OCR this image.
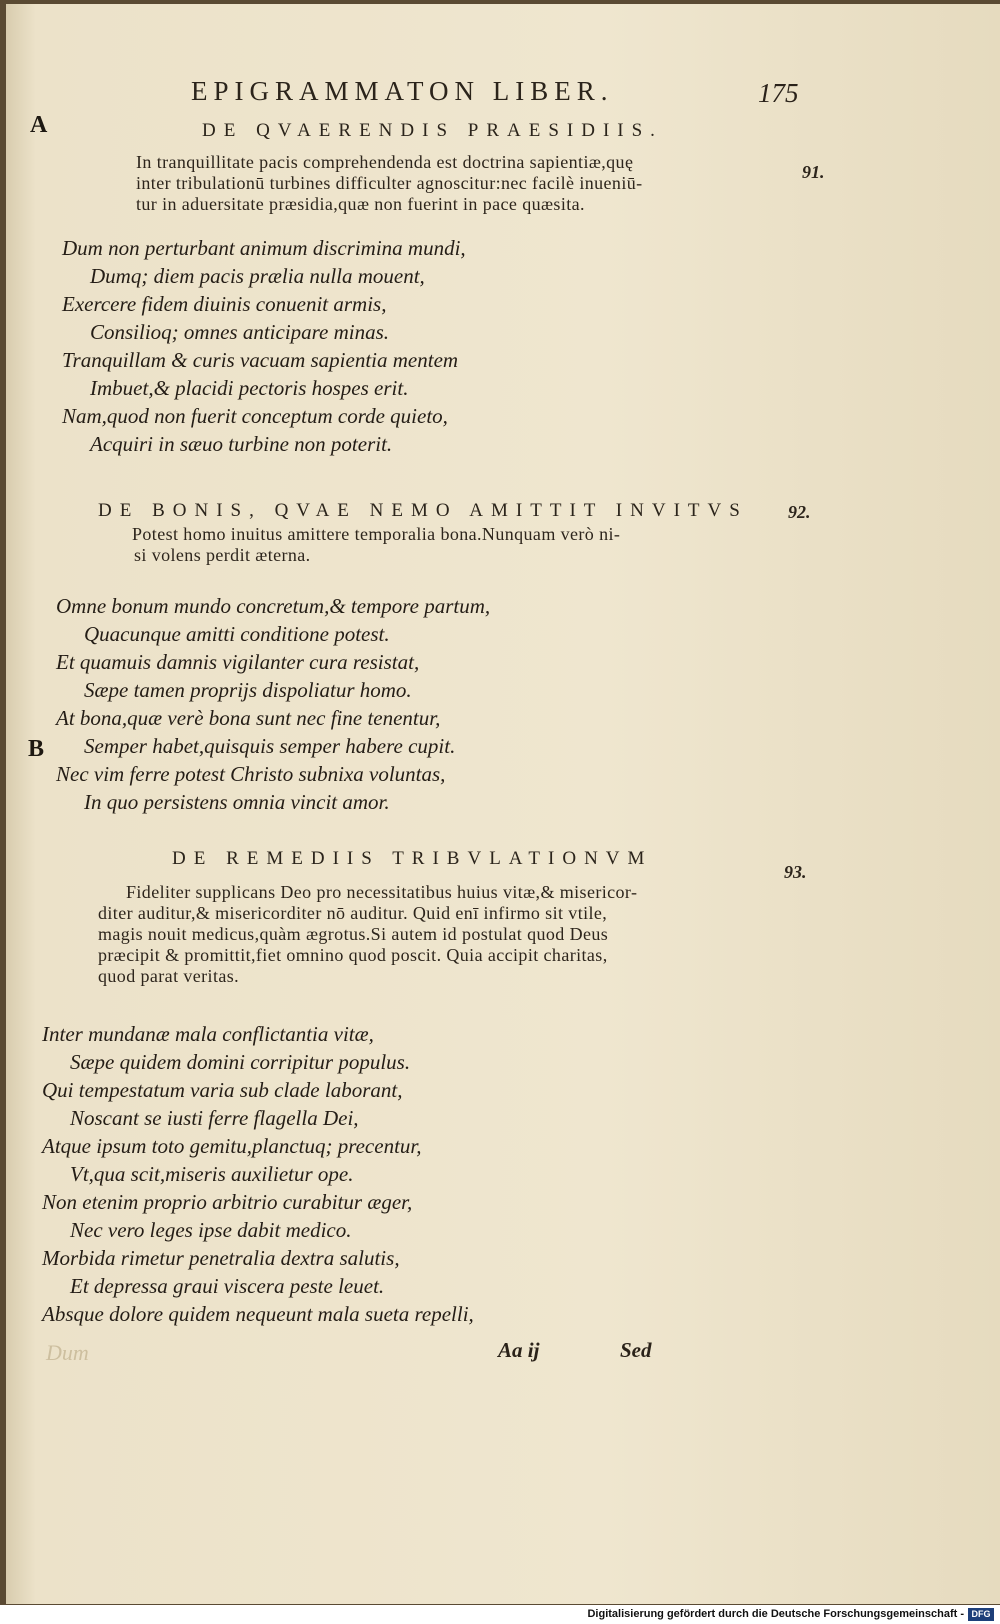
EPIGRAMMATON LIBER.	175
A	DE QVAERENDIS PRAESIDIIS.
91.
In tranquillitate pacis comprehendenda est doctrina sapientiæ,quę
inter tribulationū turbines difficulter agnoscitur:nec facilè inueniū-
tur in aduersitate præsidia,quæ non fuerint in pace quæsita.
Dum non perturbant animum discrimina mundi,
Dumq; diem pacis prælia nulla mouent,
Exercere fidem diuinis conuenit armis,
Consilioq; omnes anticipare minas.
Tranquillam & curis vacuam sapientia mentem
Imbuet,& placidi pectoris hospes erit.
Nam,quod non fuerit conceptum corde quieto,
Acquiri in sæuo turbine non poterit.
DE BONIS, QVAE NEMO AMITTIT INVITVS 92.
Potest homo inuitus amittere temporalia bona.Nunquam verò ni-
si volens perdit æterna.
Omne bonum mundo concretum,& tempore partum,
Quacunque amitti conditione potest.
Et quamuis damnis vigilanter cura resistat,
Sæpe tamen proprijs dispoliatur homo.
At bona,quæ verè bona sunt nec fine tenentur,
Semper habet,quisquis semper habere cupit.
Nec vim ferre potest Christo subnixa voluntas,
In quo persistens omnia vincit amor.
B
DE REMEDIIS TRIBVLATIONVM
93.
Fideliter supplicans Deo pro necessitatibus huius vitæ,& misericor-
diter auditur,& misericorditer nō auditur. Quid enī infirmo sit vtile,
magis nouit medicus,quàm ægrotus.Si autem id postulat quod Deus
præcipit & promittit,fiet omnino quod poscit. Quia accipit charitas,
quod parat veritas.
Inter mundanæ mala conflictantia vitæ,
Sæpe quidem domini corripitur populus.
Qui tempestatum varia sub clade laborant,
Noscant se iusti ferre flagella Dei,
Atque ipsum toto gemitu,planctuq; precentur,
Vt,qua scit,miseris auxilietur ope.
Non etenim proprio arbitrio curabitur æger,
Nec vero leges ipse dabit medico.
Morbida rimetur penetralia dextra salutis,
Et depressa graui viscera peste leuet.
Absque dolore quidem nequeunt mala sueta repelli,
Dum	Aa ij	Sed
Digitalisierung gefördert durch die Deutsche Forschungsgemeinschaft - DFG
